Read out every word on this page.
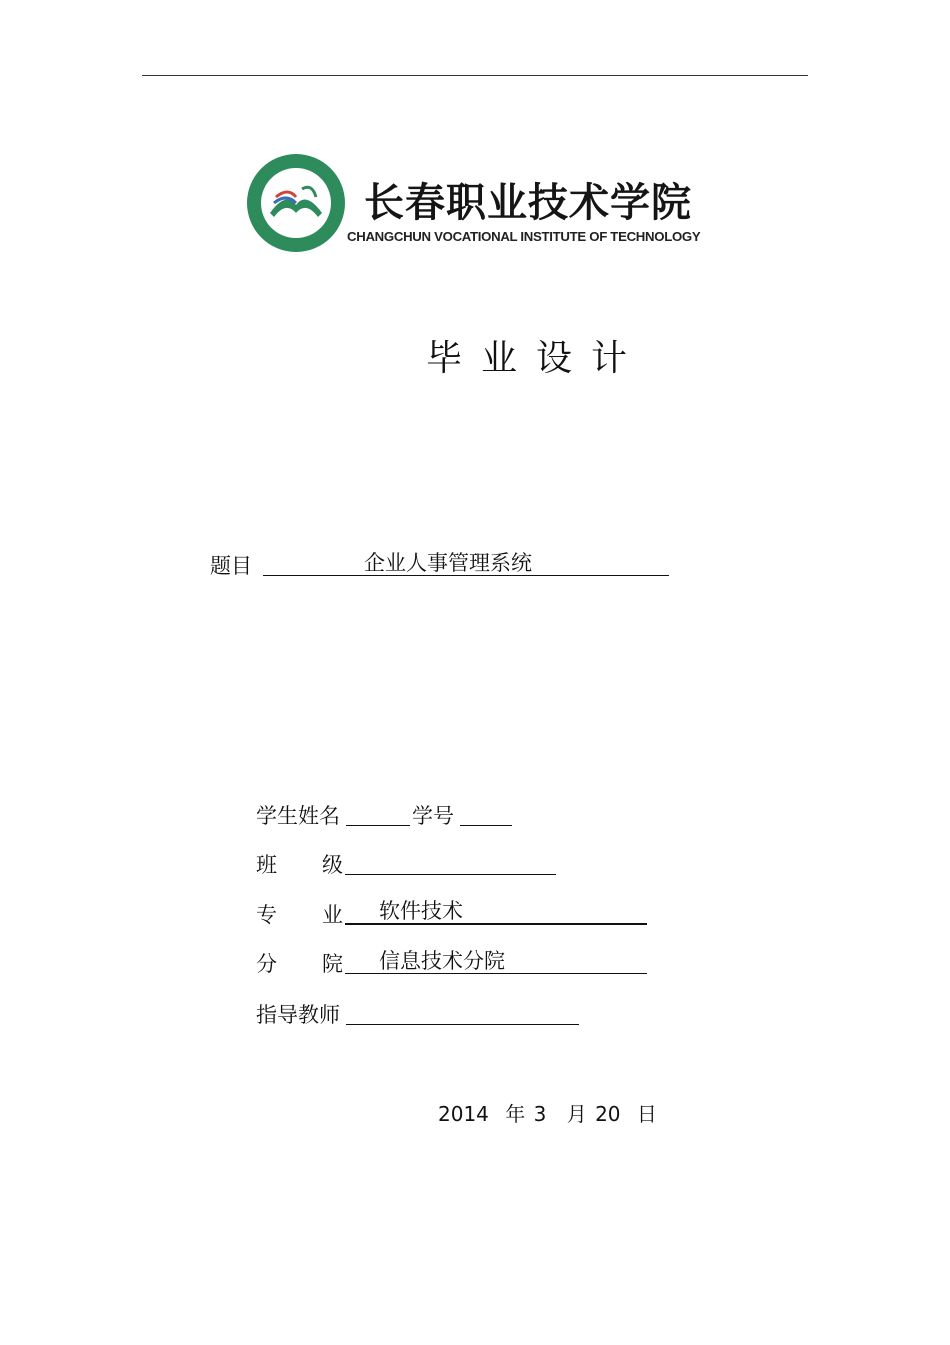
长春职业技术学院
CHANGCHUN VOCATIONAL INSTITUTE OF TECHNOLOGY
毕业设计
题目	企业人事管理系统
学生姓名	学号
班 级
专 业 软件技术
分 院 信息技术分院
指导教师
2014 年 3 月 20 日
